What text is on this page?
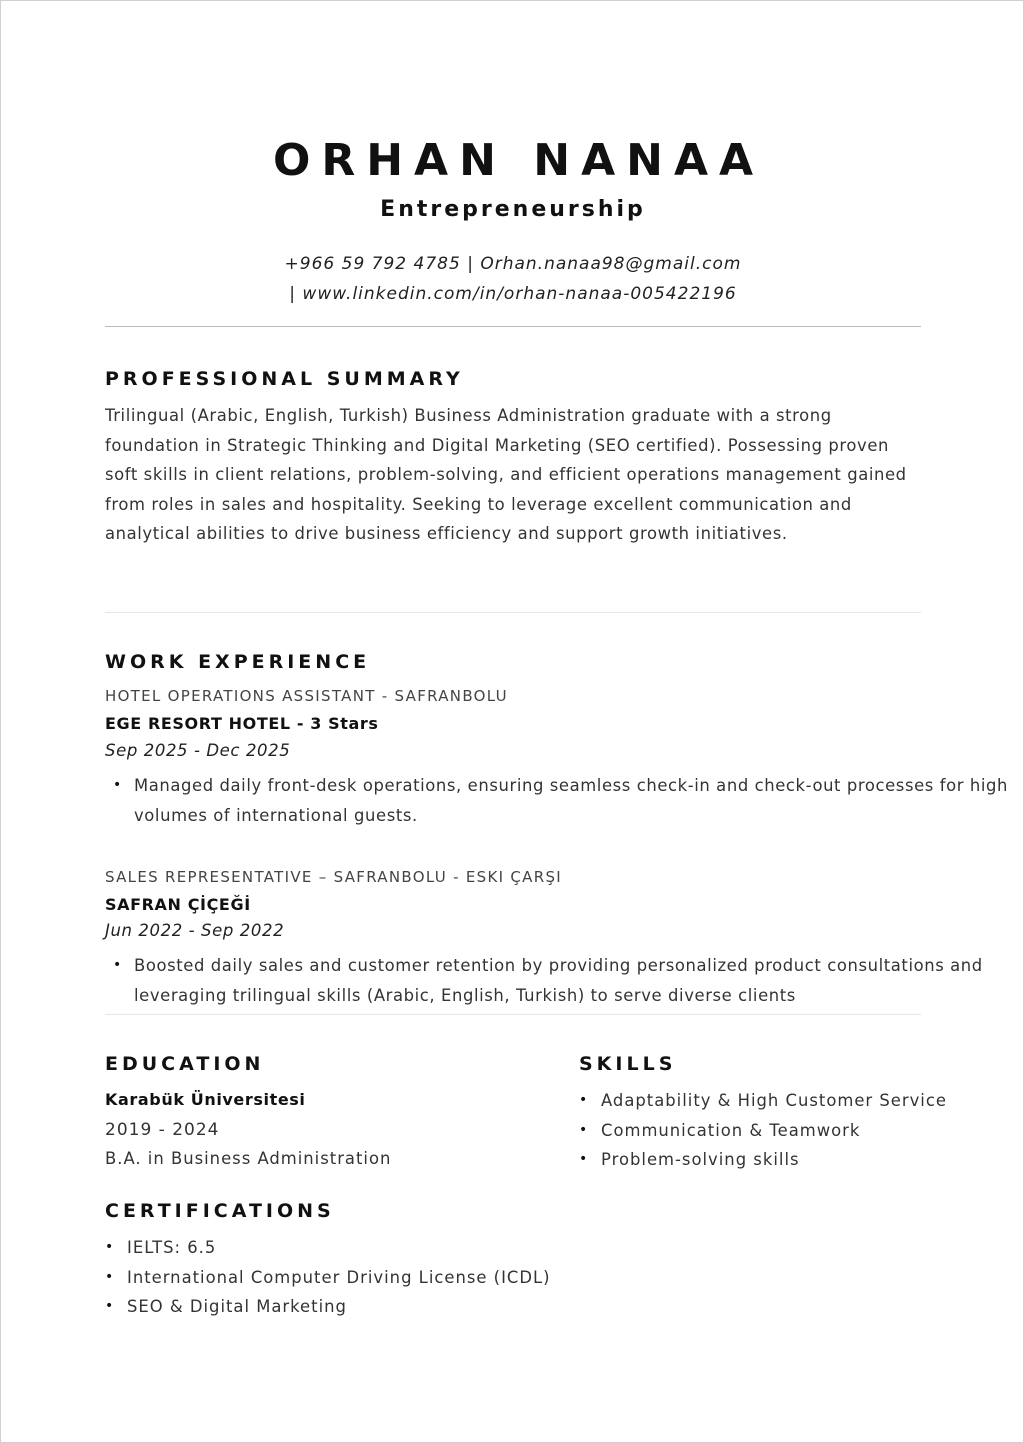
ORHAN NANAA
Entrepreneurship
+966 59 792 4785 | Orhan.nanaa98@gmail.com
| www.linkedin.com/in/orhan-nanaa-005422196
PROFESSIONAL SUMMARY

Trilingual (Arabic, English, Turkish) Business Administration graduate with a strong foundation in Strategic Thinking and Digital Marketing (SEO certified). Possessing proven soft skills in client relations, problem-solving, and efficient operations management gained from roles in sales and hospitality. Seeking to leverage excellent communication and analytical abilities to drive business efficiency and support growth initiatives.

WORK EXPERIENCE
HOTEL OPERATIONS ASSISTANT - SAFRANBOLU
EGE RESORT HOTEL - 3 Stars
Sep 2025 - Dec 2025
• Managed daily front-desk operations, ensuring seamless check-in and check-out processes for high volumes of international guests.
SALES REPRESENTATIVE – SAFRANBOLU - ESKI ÇARŞI
SAFRAN ÇİÇEĞİ
Jun 2022 - Sep 2022
• Boosted daily sales and customer retention by providing personalized product consultations and leveraging trilingual skills (Arabic, English, Turkish) to serve diverse clients
EDUCATION
Karabük Üniversitesi
2019 - 2024
B.A. in Business Administration
SKILLS
• Adaptability & High Customer Service
• Communication & Teamwork
• Problem-solving skills
CERTIFICATIONS
• IELTS: 6.5
• International Computer Driving License (ICDL)
• SEO & Digital Marketing
